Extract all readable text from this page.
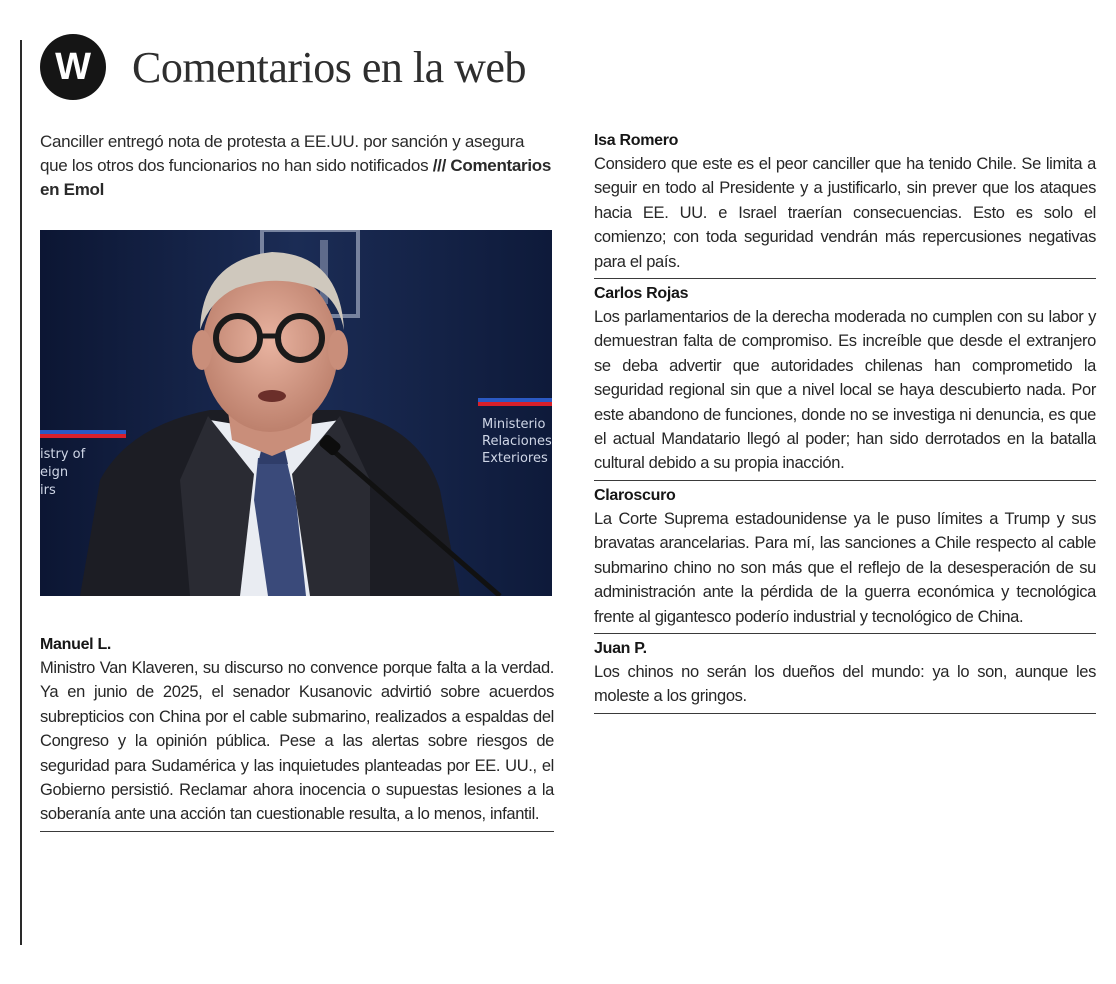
W Comentarios en la web
Canciller entregó nota de protesta a EE.UU. por sanción y asegura que los otros dos funcionarios no han sido notificados /// Comentarios en Emol
Ministerio
Relaciones
Exteriores
istry of
eign
irs
Manuel L.
Ministro Van Klaveren, su discurso no convence porque falta a la verdad. Ya en junio de 2025, el senador Kusanovic advirtió sobre acuerdos subrepticios con China por el cable submarino, realizados a espaldas del Congreso y la opinión pública. Pese a las alertas sobre riesgos de seguridad para Sudamérica y las inquietudes planteadas por EE. UU., el Gobierno persistió. Reclamar ahora inocencia o supuestas lesiones a la soberanía ante una acción tan cuestionable resulta, a lo menos, infantil.
Isa Romero
Considero que este es el peor canciller que ha tenido Chile. Se limita a seguir en todo al Presidente y a justificarlo, sin prever que los ataques hacia EE. UU. e Israel traerían consecuencias. Esto es solo el comienzo; con toda seguridad vendrán más repercusiones negativas para el país.
Carlos Rojas
Los parlamentarios de la derecha moderada no cumplen con su labor y demuestran falta de compromiso. Es increíble que desde el extranjero se deba advertir que autoridades chilenas han comprometido la seguridad regional sin que a nivel local se haya descubierto nada. Por este abandono de funciones, donde no se investiga ni denuncia, es que el actual Mandatario llegó al poder; han sido derrotados en la batalla cultural debido a su propia inacción.
Claroscuro
La Corte Suprema estadounidense ya le puso límites a Trump y sus bravatas arancelarias. Para mí, las sanciones a Chile respecto al cable submarino chino no son más que el reflejo de la desesperación de su administración ante la pérdida de la guerra económica y tecnológica frente al gigantesco poderío industrial y tecnológico de China.
Juan P.
Los chinos no serán los dueños del mundo: ya lo son, aunque les moleste a los gringos.
